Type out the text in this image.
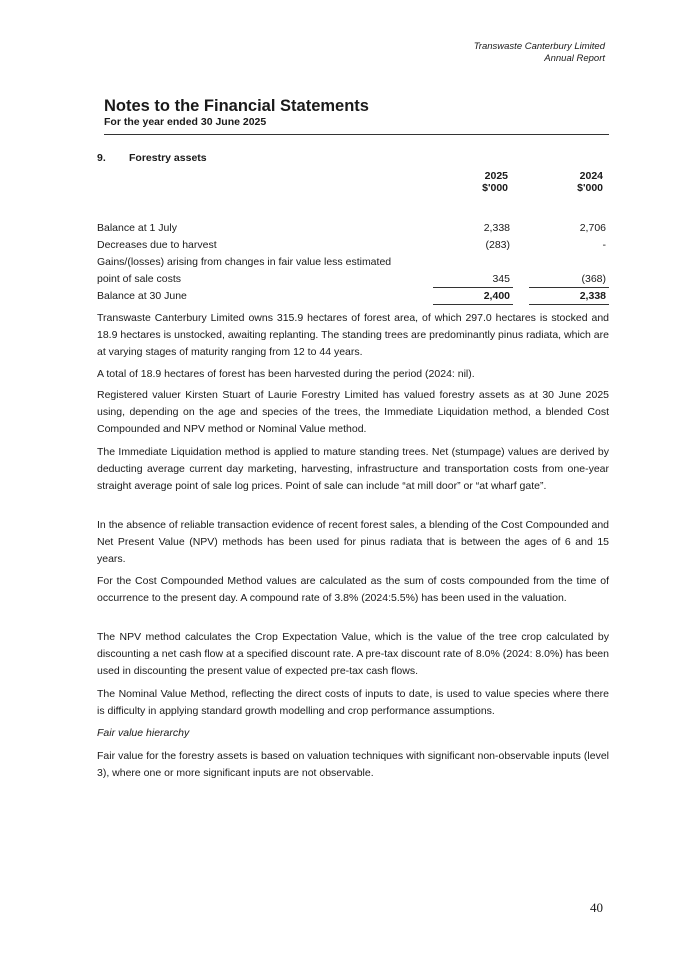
Transwaste Canterbury Limited
Annual Report
Notes to the Financial Statements
For the year ended 30 June 2025
9. Forestry assets
2025
$'000
2024
$'000
Balance at 1 July	2,338	2,706
Decreases due to harvest	(283)	-
Gains/(losses) arising from changes in fair value less estimated
point of sale costs	345	(368)
Balance at 30 June	2,400	2,338

Transwaste Canterbury Limited owns 315.9 hectares of forest area, of which 297.0 hectares is stocked and 18.9 hectares is unstocked, awaiting replanting. The standing trees are predominantly pinus radiata, which are at varying stages of maturity ranging from 12 to 44 years.

A total of 18.9 hectares of forest has been harvested during the period (2024: nil).

Registered valuer Kirsten Stuart of Laurie Forestry Limited has valued forestry assets as at 30 June 2025 using, depending on the age and species of the trees, the Immediate Liquidation method, a blended Cost Compounded and NPV method or Nominal Value method.

The Immediate Liquidation method is applied to mature standing trees. Net (stumpage) values are derived by deducting average current day marketing, harvesting, infrastructure and transportation costs from one-year straight average point of sale log prices. Point of sale can include “at mill door” or “at wharf gate”.

In the absence of reliable transaction evidence of recent forest sales, a blending of the Cost Compounded and Net Present Value (NPV) methods has been used for pinus radiata that is between the ages of 6 and 15 years.

For the Cost Compounded Method values are calculated as the sum of costs compounded from the time of occurrence to the present day. A compound rate of 3.8% (2024:5.5%) has been used in the valuation.

The NPV method calculates the Crop Expectation Value, which is the value of the tree crop calculated by discounting a net cash flow at a specified discount rate. A pre-tax discount rate of 8.0% (2024: 8.0%) has been used in discounting the present value of expected pre-tax cash flows.

The Nominal Value Method, reflecting the direct costs of inputs to date, is used to value species where there is difficulty in applying standard growth modelling and crop performance assumptions.

Fair value hierarchy

Fair value for the forestry assets is based on valuation techniques with significant non-observable inputs (level 3), where one or more significant inputs are not observable.

40
